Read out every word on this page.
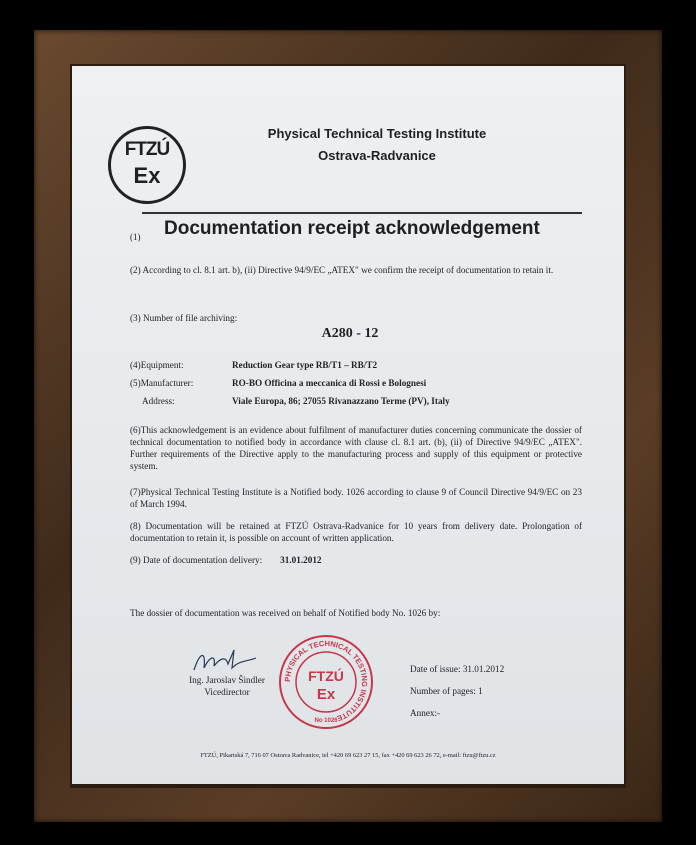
FTZÚ
Ex
Physical Technical Testing Institute
Ostrava-Radvanice
(1) Documentation receipt acknowledgement
(2) According to cl. 8.1 art. b), (ii) Directive 94/9/EC „ATEX" we confirm the receipt of documentation to retain it.
(3) Number of file archiving:
A280 - 12
(4)Equipment:	Reduction Gear type RB/T1 – RB/T2
(5)Manufacturer:	RO-BO Officina a meccanica di Rossi e Bolognesi
Address:	Viale Europa, 86; 27055 Rivanazzano Terme (PV), Italy
(6)This acknowledgement is an evidence about fulfilment of manufacturer duties concerning communicate the dossier of technical documentation to notified body in accordance with clause cl. 8.1 art. (b), (ii) of Directive 94/9/EC „ATEX". Further requirements of the Directive apply to the manufacturing process and supply of this equipment or protective system.
(7)Physical Technical Testing Institute is a Notified body. 1026 according to clause 9 of Council Directive 94/9/EC on 23 of March 1994.
(8) Documentation will be retained at FTZÚ Ostrava-Radvanice for 10 years from delivery date. Prolongation of documentation to retain it, is possible on account of written application.
(9) Date of documentation delivery: 31.01.2012
The dossier of documentation was received on behalf of Notified body No. 1026 by:
Ing. Jaroslav Šindler
Vicedirector
PHYSICAL TECHNICAL TESTING INSTITUTE
FTZÚ
Ex
No 1026
Date of issue: 31.01.2012
Number of pages: 1
Annex:-
FTZÚ, Pikartská 7, 716 07 Ostrava Radvanice, tel +420 69 623 27 15, fax +420 69 623 26 72, e-mail: ftzu@ftzu.cz
